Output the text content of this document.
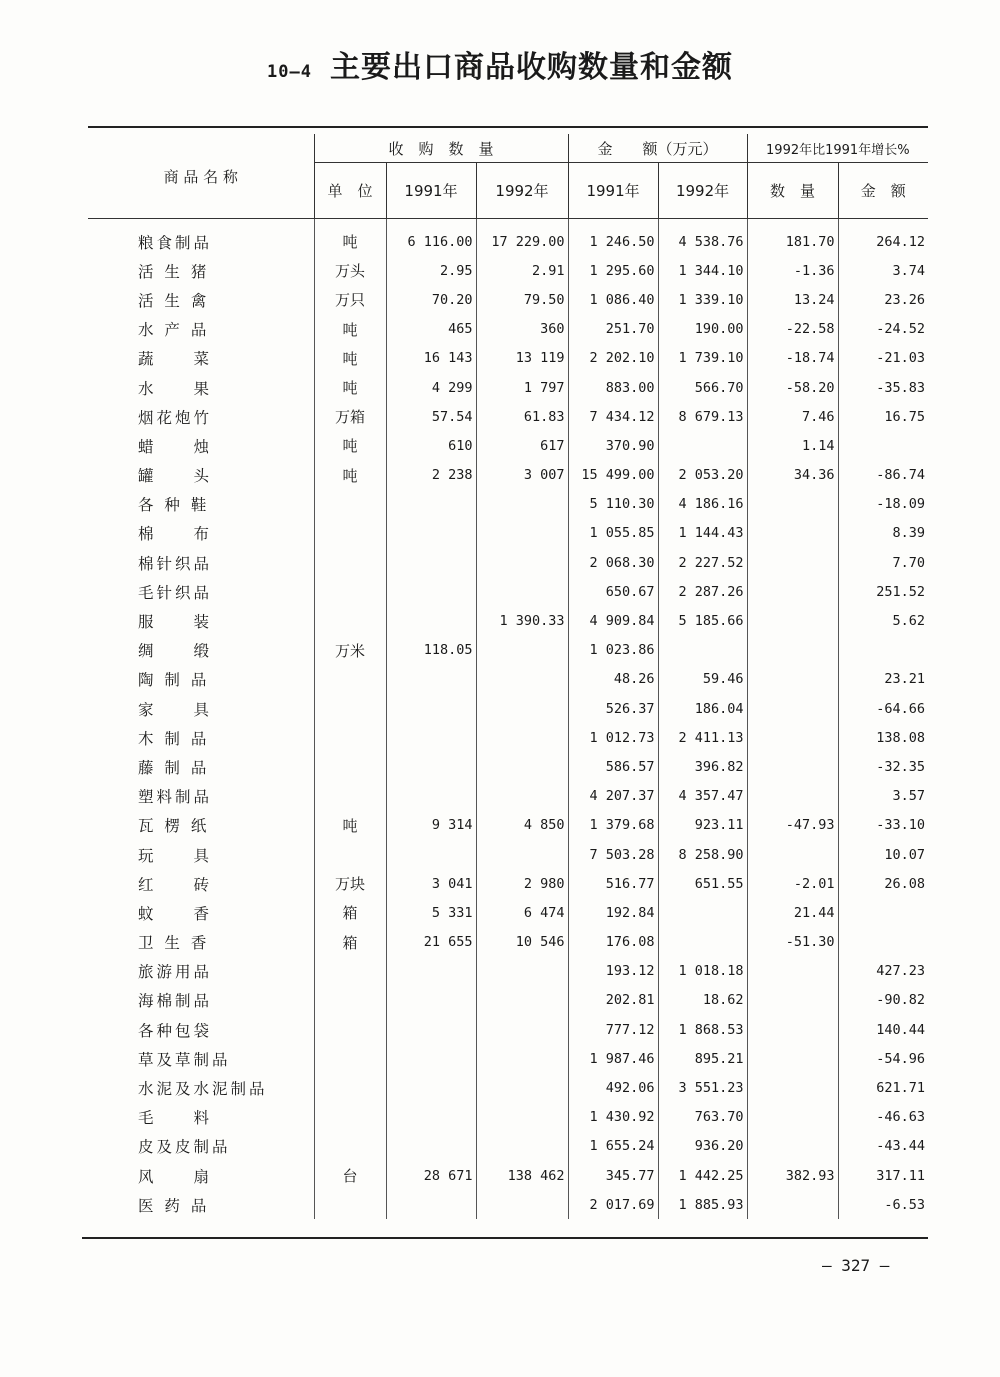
10—4 主要出口商品收购数量和金额
商 品 名 称	收　购　数　量			金　　额（万元）		1992年比1991年增长%	
	单　位	1991年	1992年	1991年	1992年	数　量	金　额
粮食制品	吨	6 116.00	17 229.00	1 246.50	4 538.76	181.70	264.12
活 生 猪	万头	2.95	2.91	1 295.60	1 344.10	-1.36	3.74
活 生 禽	万只	70.20	79.50	1 086.40	1 339.10	13.24	23.26
水 产 品	吨	465	360	251.70	190.00	-22.58	-24.52
蔬　　菜	吨	16 143	13 119	2 202.10	1 739.10	-18.74	-21.03
水　　果	吨	4 299	1 797	883.00	566.70	-58.20	-35.83
烟花炮竹	万箱	57.54	61.83	7 434.12	8 679.13	7.46	16.75
蜡　　烛	吨	610	617	370.90		1.14	
罐　　头	吨	2 238	3 007	15 499.00	2 053.20	34.36	-86.74
各 种 鞋				5 110.30	4 186.16		-18.09
棉　　布				1 055.85	1 144.43		8.39
棉针织品				2 068.30	2 227.52		7.70
毛针织品				650.67	2 287.26		251.52
服　　装			1 390.33	4 909.84	5 185.66		5.62
绸　　缎	万米	118.05		1 023.86			
陶 制 品				48.26	59.46		23.21
家　　具				526.37	186.04		-64.66
木 制 品				1 012.73	2 411.13		138.08
藤 制 品				586.57	396.82		-32.35
塑料制品				4 207.37	4 357.47		3.57
瓦 楞 纸	吨	9 314	4 850	1 379.68	923.11	-47.93	-33.10
玩　　具				7 503.28	8 258.90		10.07
红　　砖	万块	3 041	2 980	516.77	651.55	-2.01	26.08
蚊　　香	箱	5 331	6 474	192.84		21.44	
卫 生 香	箱	21 655	10 546	176.08		-51.30	
旅游用品				193.12	1 018.18		427.23
海棉制品				202.81	18.62		-90.82
各种包袋				777.12	1 868.53		140.44
草及草制品				1 987.46	895.21		-54.96
水泥及水泥制品				492.06	3 551.23		621.71
毛　　料				1 430.92	763.70		-46.63
皮及皮制品				1 655.24	936.20		-43.44
风　　扇	台	28 671	138 462	345.77	1 442.25	382.93	317.11
医 药 品				2 017.69	1 885.93		-6.53
— 327 —
